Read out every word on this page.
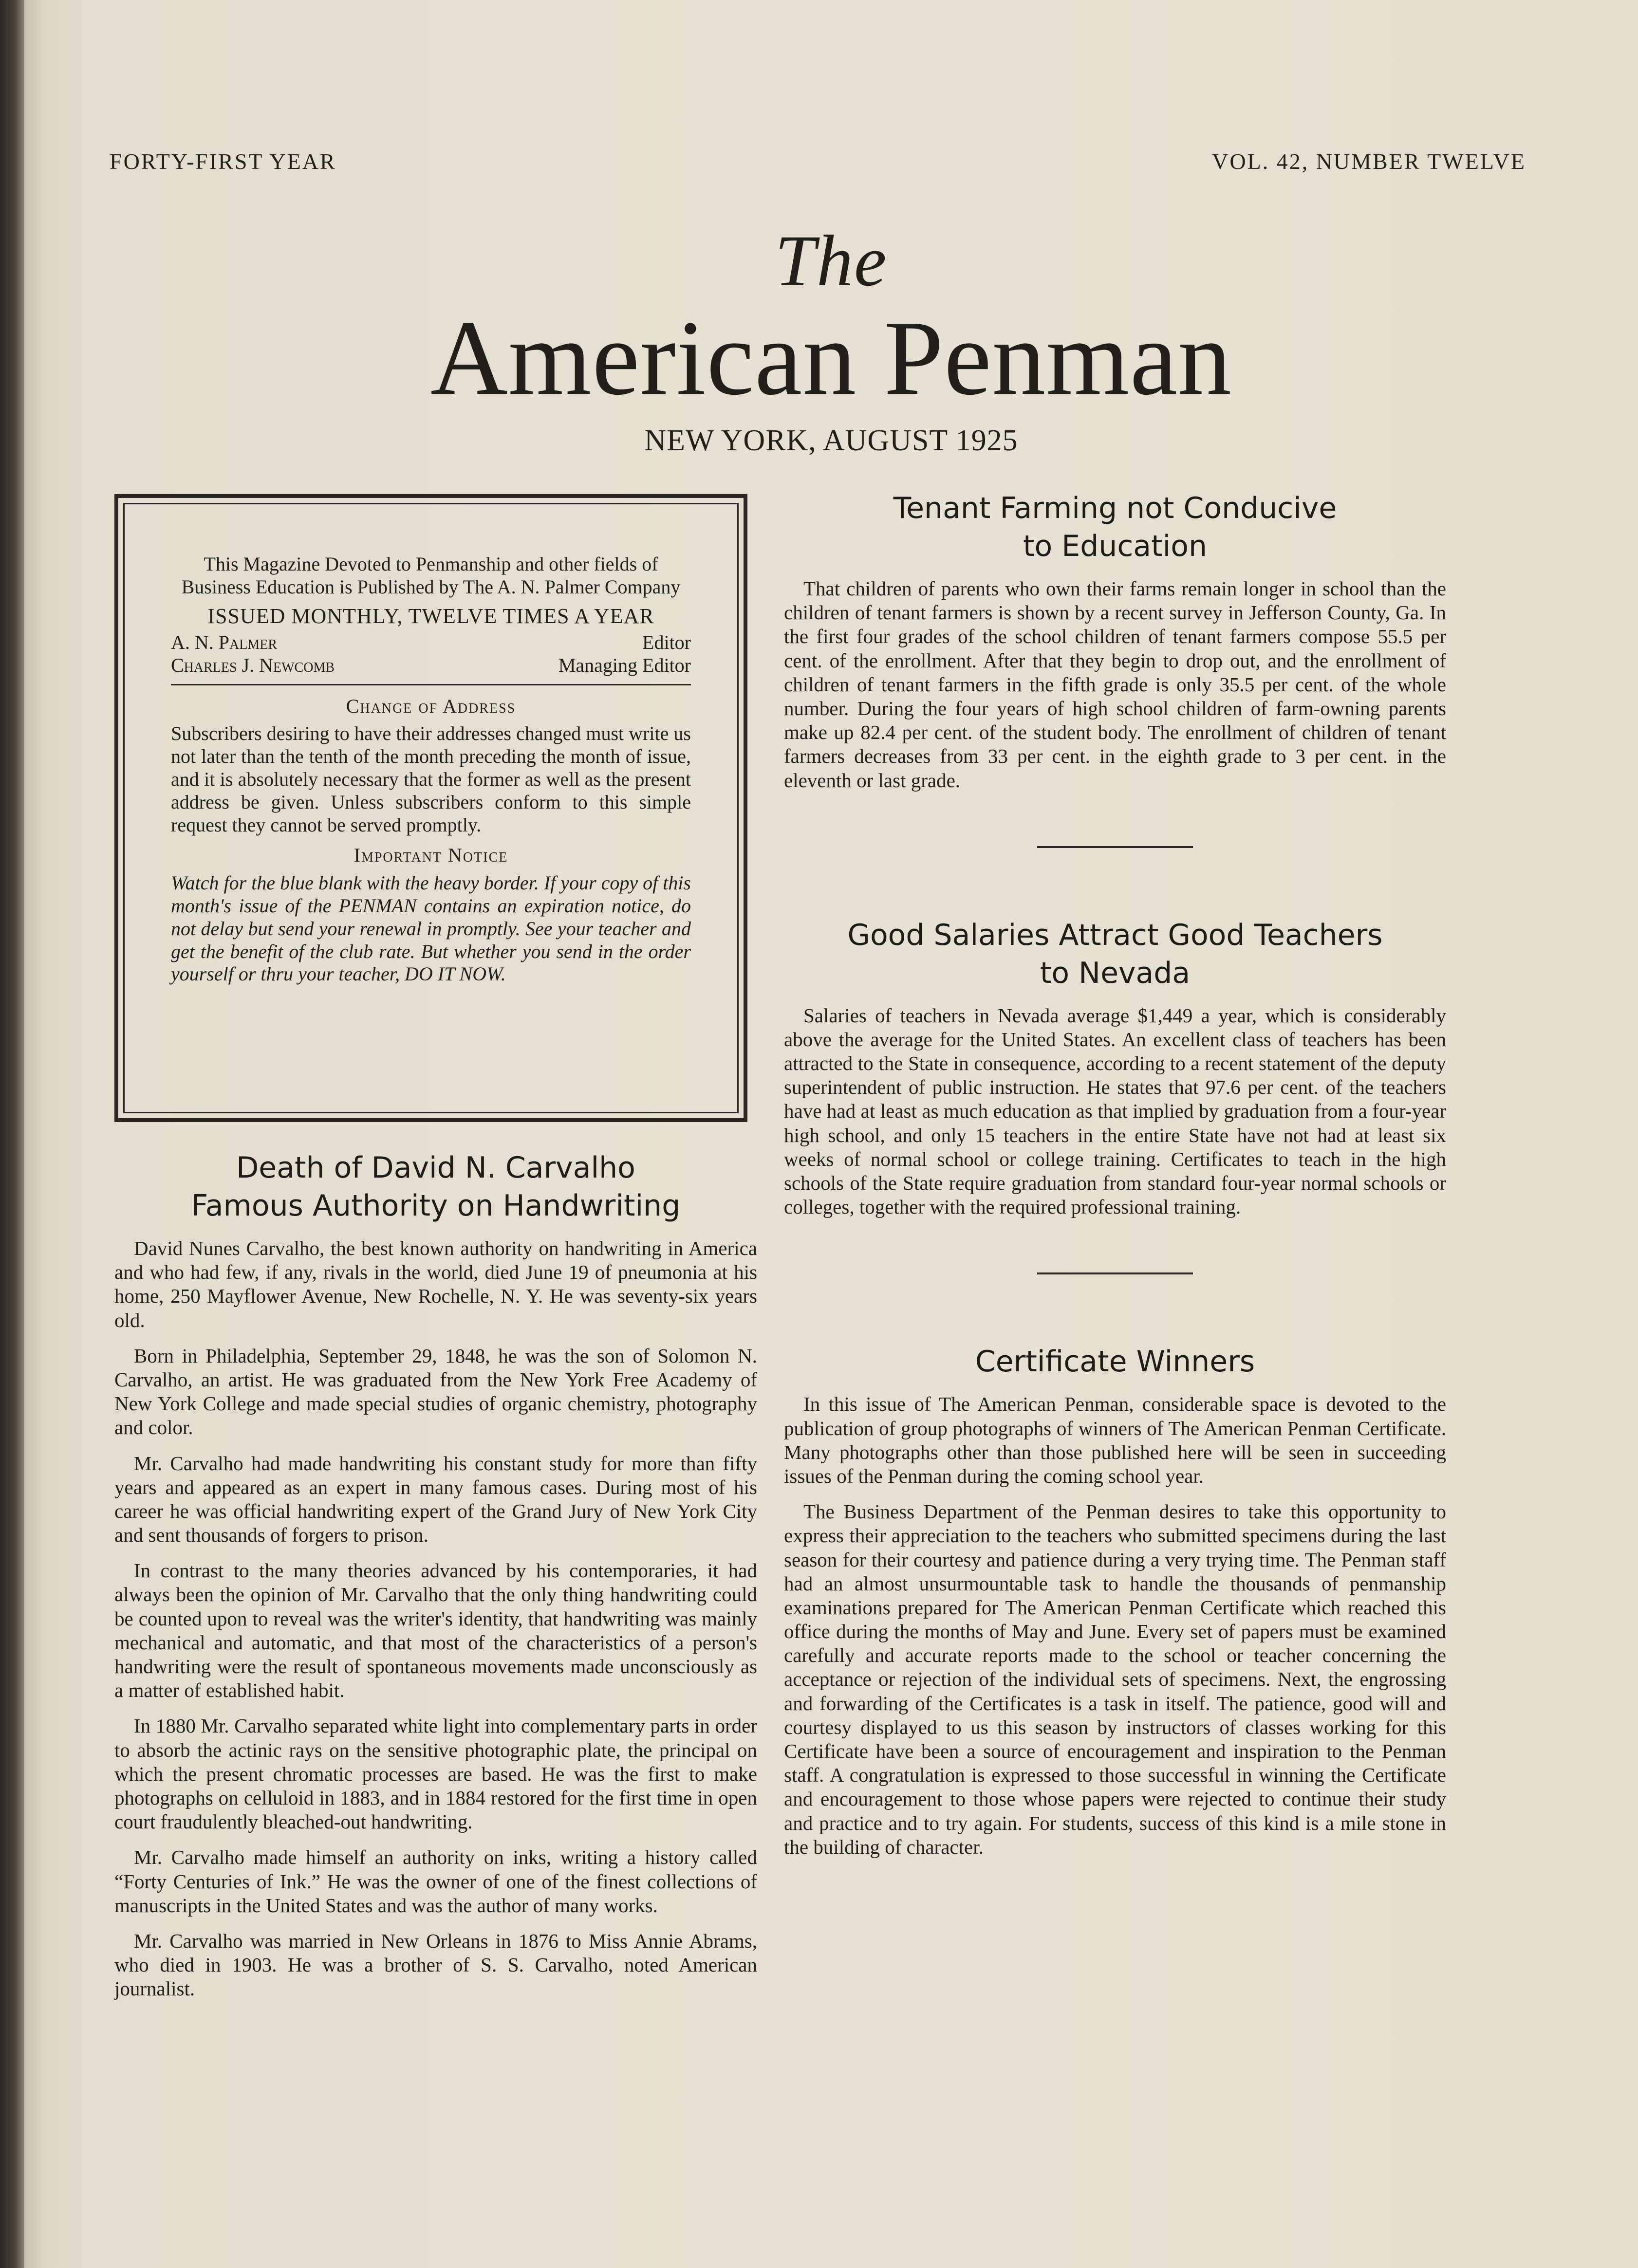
FORTY-FIRST YEAR	VOL. 42, NUMBER TWELVE
The
American Penman
NEW YORK, AUGUST 1925

This Magazine Devoted to Penmanship and other fields of Business Education is Published by The A. N. Palmer Company

ISSUED MONTHLY, TWELVE TIMES A YEAR
A. N. Palmer	Editor
Charles J. Newcomb	Managing Editor
Change of Address

Subscribers desiring to have their addresses changed must write us not later than the tenth of the month preceding the month of issue, and it is absolutely necessary that the former as well as the present address be given. Unless subscribers conform to this simple request they cannot be served promptly.

Important Notice

Watch for the blue blank with the heavy border. If your copy of this month's issue of the PENMAN contains an expiration notice, do not delay but send your renewal in promptly. See your teacher and get the benefit of the club rate. But whether you send in the order yourself or thru your teacher, DO IT NOW.

Death of David N. Carvalho
Famous Authority on Handwriting

David Nunes Carvalho, the best known authority on handwriting in America and who had few, if any, rivals in the world, died June 19 of pneumonia at his home, 250 Mayflower Avenue, New Rochelle, N. Y. He was seventy-six years old.

Born in Philadelphia, September 29, 1848, he was the son of Solomon N. Carvalho, an artist. He was graduated from the New York Free Academy of New York College and made special studies of organic chemistry, photography and color.

Mr. Carvalho had made handwriting his constant study for more than fifty years and appeared as an expert in many famous cases. During most of his career he was official handwriting expert of the Grand Jury of New York City and sent thousands of forgers to prison.

In contrast to the many theories advanced by his contemporaries, it had always been the opinion of Mr. Carvalho that the only thing handwriting could be counted upon to reveal was the writer's identity, that handwriting was mainly mechanical and automatic, and that most of the characteristics of a person's handwriting were the result of spontaneous movements made unconsciously as a matter of established habit.

In 1880 Mr. Carvalho separated white light into complementary parts in order to absorb the actinic rays on the sensitive photographic plate, the principal on which the present chromatic processes are based. He was the first to make photographs on celluloid in 1883, and in 1884 restored for the first time in open court fraudulently bleached-out handwriting.

Mr. Carvalho made himself an authority on inks, writing a history called “Forty Centuries of Ink.” He was the owner of one of the finest collections of manuscripts in the United States and was the author of many works.

Mr. Carvalho was married in New Orleans in 1876 to Miss Annie Abrams, who died in 1903. He was a brother of S. S. Carvalho, noted American journalist.

Tenant Farming not Conducive
to Education

That children of parents who own their farms remain longer in school than the children of tenant farmers is shown by a recent survey in Jefferson County, Ga. In the first four grades of the school children of tenant farmers compose 55.5 per cent. of the enrollment. After that they begin to drop out, and the enrollment of children of tenant farmers in the fifth grade is only 35.5 per cent. of the whole number. During the four years of high school children of farm-owning parents make up 82.4 per cent. of the student body. The enrollment of children of tenant farmers decreases from 33 per cent. in the eighth grade to 3 per cent. in the eleventh or last grade.

Good Salaries Attract Good Teachers
to Nevada

Salaries of teachers in Nevada average $1,449 a year, which is considerably above the average for the United States. An excellent class of teachers has been attracted to the State in consequence, according to a recent statement of the deputy superintendent of public instruction. He states that 97.6 per cent. of the teachers have had at least as much education as that implied by graduation from a four-year high school, and only 15 teachers in the entire State have not had at least six weeks of normal school or college training. Certificates to teach in the high schools of the State require graduation from standard four-year normal schools or colleges, together with the required professional training.

Certificate Winners

In this issue of The American Penman, considerable space is devoted to the publication of group photographs of winners of The American Penman Certificate. Many photographs other than those published here will be seen in succeeding issues of the Penman during the coming school year.

The Business Department of the Penman desires to take this opportunity to express their appreciation to the teachers who submitted specimens during the last season for their courtesy and patience during a very trying time. The Penman staff had an almost unsurmountable task to handle the thousands of penmanship examinations prepared for The American Penman Certificate which reached this office during the months of May and June. Every set of papers must be examined carefully and accurate reports made to the school or teacher concerning the acceptance or rejection of the individual sets of specimens. Next, the engrossing and forwarding of the Certificates is a task in itself. The patience, good will and courtesy displayed to us this season by instructors of classes working for this Certificate have been a source of encouragement and inspiration to the Penman staff. A congratulation is expressed to those successful in winning the Certificate and encouragement to those whose papers were rejected to continue their study and practice and to try again. For students, success of this kind is a mile stone in the building of character.
